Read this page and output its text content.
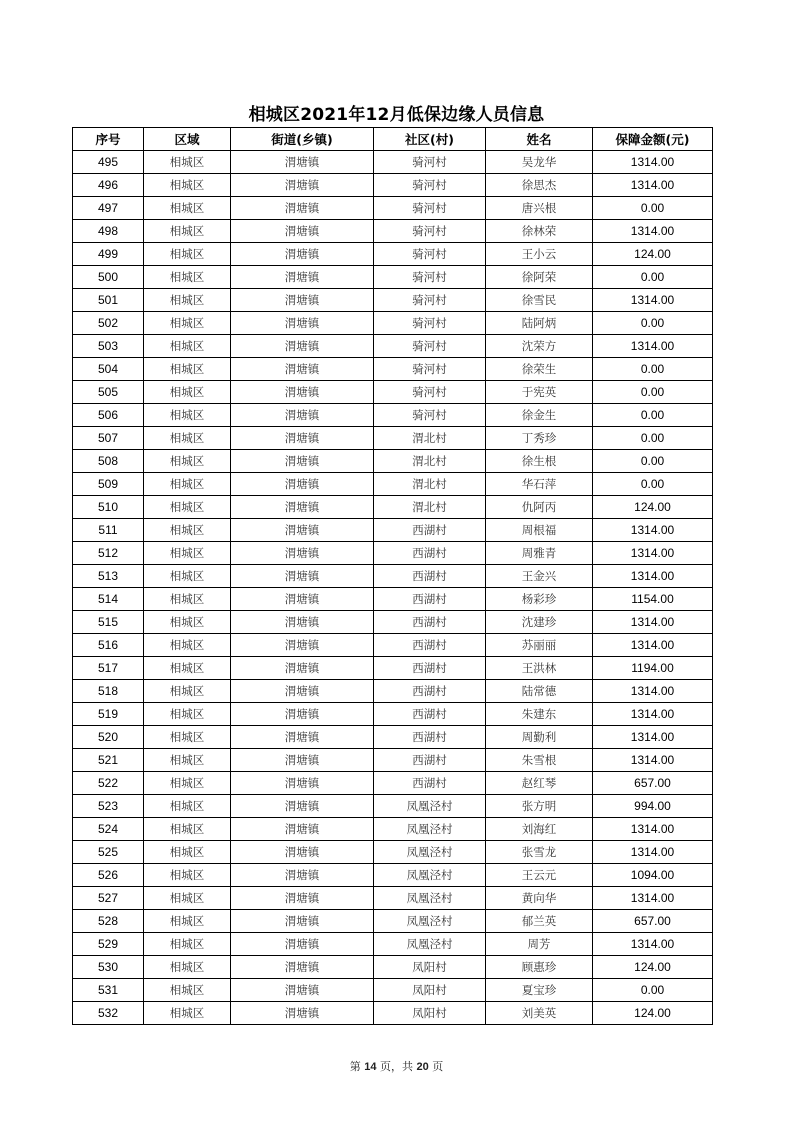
相城区2021年12月低保边缘人员信息
序号	区域	街道(乡镇)	社区(村)	姓名	保障金额(元)
495	相城区	渭塘镇	骑河村	吴龙华	1314.00
496	相城区	渭塘镇	骑河村	徐思杰	1314.00
497	相城区	渭塘镇	骑河村	唐兴根	0.00
498	相城区	渭塘镇	骑河村	徐林荣	1314.00
499	相城区	渭塘镇	骑河村	王小云	124.00
500	相城区	渭塘镇	骑河村	徐阿荣	0.00
501	相城区	渭塘镇	骑河村	徐雪民	1314.00
502	相城区	渭塘镇	骑河村	陆阿炳	0.00
503	相城区	渭塘镇	骑河村	沈荣方	1314.00
504	相城区	渭塘镇	骑河村	徐荣生	0.00
505	相城区	渭塘镇	骑河村	于宪英	0.00
506	相城区	渭塘镇	骑河村	徐金生	0.00
507	相城区	渭塘镇	渭北村	丁秀珍	0.00
508	相城区	渭塘镇	渭北村	徐生根	0.00
509	相城区	渭塘镇	渭北村	华石萍	0.00
510	相城区	渭塘镇	渭北村	仇阿丙	124.00
511	相城区	渭塘镇	西湖村	周根福	1314.00
512	相城区	渭塘镇	西湖村	周雅青	1314.00
513	相城区	渭塘镇	西湖村	王金兴	1314.00
514	相城区	渭塘镇	西湖村	杨彩珍	1154.00
515	相城区	渭塘镇	西湖村	沈建珍	1314.00
516	相城区	渭塘镇	西湖村	苏丽丽	1314.00
517	相城区	渭塘镇	西湖村	王洪林	1194.00
518	相城区	渭塘镇	西湖村	陆常德	1314.00
519	相城区	渭塘镇	西湖村	朱建东	1314.00
520	相城区	渭塘镇	西湖村	周勤利	1314.00
521	相城区	渭塘镇	西湖村	朱雪根	1314.00
522	相城区	渭塘镇	西湖村	赵红琴	657.00
523	相城区	渭塘镇	凤凰泾村	张方明	994.00
524	相城区	渭塘镇	凤凰泾村	刘海红	1314.00
525	相城区	渭塘镇	凤凰泾村	张雪龙	1314.00
526	相城区	渭塘镇	凤凰泾村	王云元	1094.00
527	相城区	渭塘镇	凤凰泾村	黄向华	1314.00
528	相城区	渭塘镇	凤凰泾村	郁兰英	657.00
529	相城区	渭塘镇	凤凰泾村	周芳	1314.00
530	相城区	渭塘镇	凤阳村	顾惠珍	124.00
531	相城区	渭塘镇	凤阳村	夏宝珍	0.00
532	相城区	渭塘镇	凤阳村	刘美英	124.00
第 14 页，共 20 页
